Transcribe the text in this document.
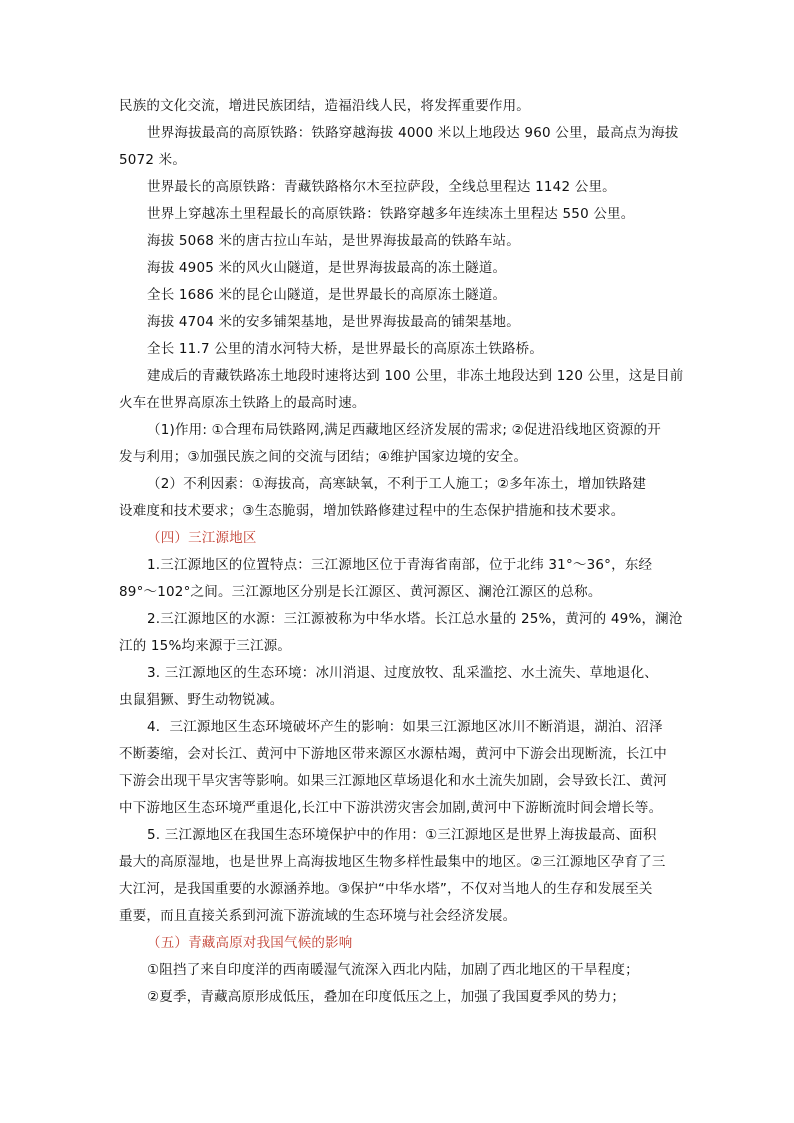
民族的文化交流，增进民族团结，造福沿线人民，将发挥重要作用。
世界海拔最高的高原铁路：铁路穿越海拔 4000 米以上地段达 960 公里，最高点为海拔
5072 米。
世界最长的高原铁路：青藏铁路格尔木至拉萨段，全线总里程达 1142 公里。
世界上穿越冻土里程最长的高原铁路：铁路穿越多年连续冻土里程达 550 公里。
海拔 5068 米的唐古拉山车站，是世界海拔最高的铁路车站。
海拔 4905 米的风火山隧道，是世界海拔最高的冻土隧道。
全长 1686 米的昆仑山隧道，是世界最长的高原冻土隧道。
海拔 4704 米的安多铺架基地，是世界海拔最高的铺架基地。
全长 11.7 公里的清水河特大桥，是世界最长的高原冻土铁路桥。
建成后的青藏铁路冻土地段时速将达到 100 公里，非冻土地段达到 120 公里，这是目前
火车在世界高原冻土铁路上的最高时速。
（1)作用: ①合理布局铁路网,满足西藏地区经济发展的需求; ②促进沿线地区资源的开
发与利用；③加强民族之间的交流与团结；④维护国家边境的安全。
（2）不利因素：①海拔高，高寒缺氧，不利于工人施工；②多年冻土，增加铁路建
设难度和技术要求；③生态脆弱，增加铁路修建过程中的生态保护措施和技术要求。
（四）三江源地区
1.三江源地区的位置特点：三江源地区位于青海省南部，位于北纬 31°～36°，东经
89°～102°之间。三江源地区分别是长江源区、黄河源区、澜沧江源区的总称。
2.三江源地区的水源：三江源被称为中华水塔。长江总水量的 25%，黄河的 49%，澜沧
江的 15%均来源于三江源。
3. 三江源地区的生态环境：冰川消退、过度放牧、乱采滥挖、水土流失、草地退化、
虫鼠猖獗、野生动物锐减。
4．三江源地区生态环境破坏产生的影响：如果三江源地区冰川不断消退，湖泊、沼泽
不断萎缩，会对长江、黄河中下游地区带来源区水源枯竭，黄河中下游会出现断流，长江中
下游会出现干旱灾害等影响。如果三江源地区草场退化和水土流失加剧，会导致长江、黄河
中下游地区生态环境严重退化,长江中下游洪涝灾害会加剧,黄河中下游断流时间会增长等。
5. 三江源地区在我国生态环境保护中的作用：①三江源地区是世界上海拔最高、面积
最大的高原湿地，也是世界上高海拔地区生物多样性最集中的地区。②三江源地区孕育了三
大江河，是我国重要的水源涵养地。③保护“中华水塔”，不仅对当地人的生存和发展至关
重要，而且直接关系到河流下游流域的生态环境与社会经济发展。
（五）青藏高原对我国气候的影响
①阻挡了来自印度洋的西南暖湿气流深入西北内陆，加剧了西北地区的干旱程度；
②夏季，青藏高原形成低压，叠加在印度低压之上，加强了我国夏季风的势力；
